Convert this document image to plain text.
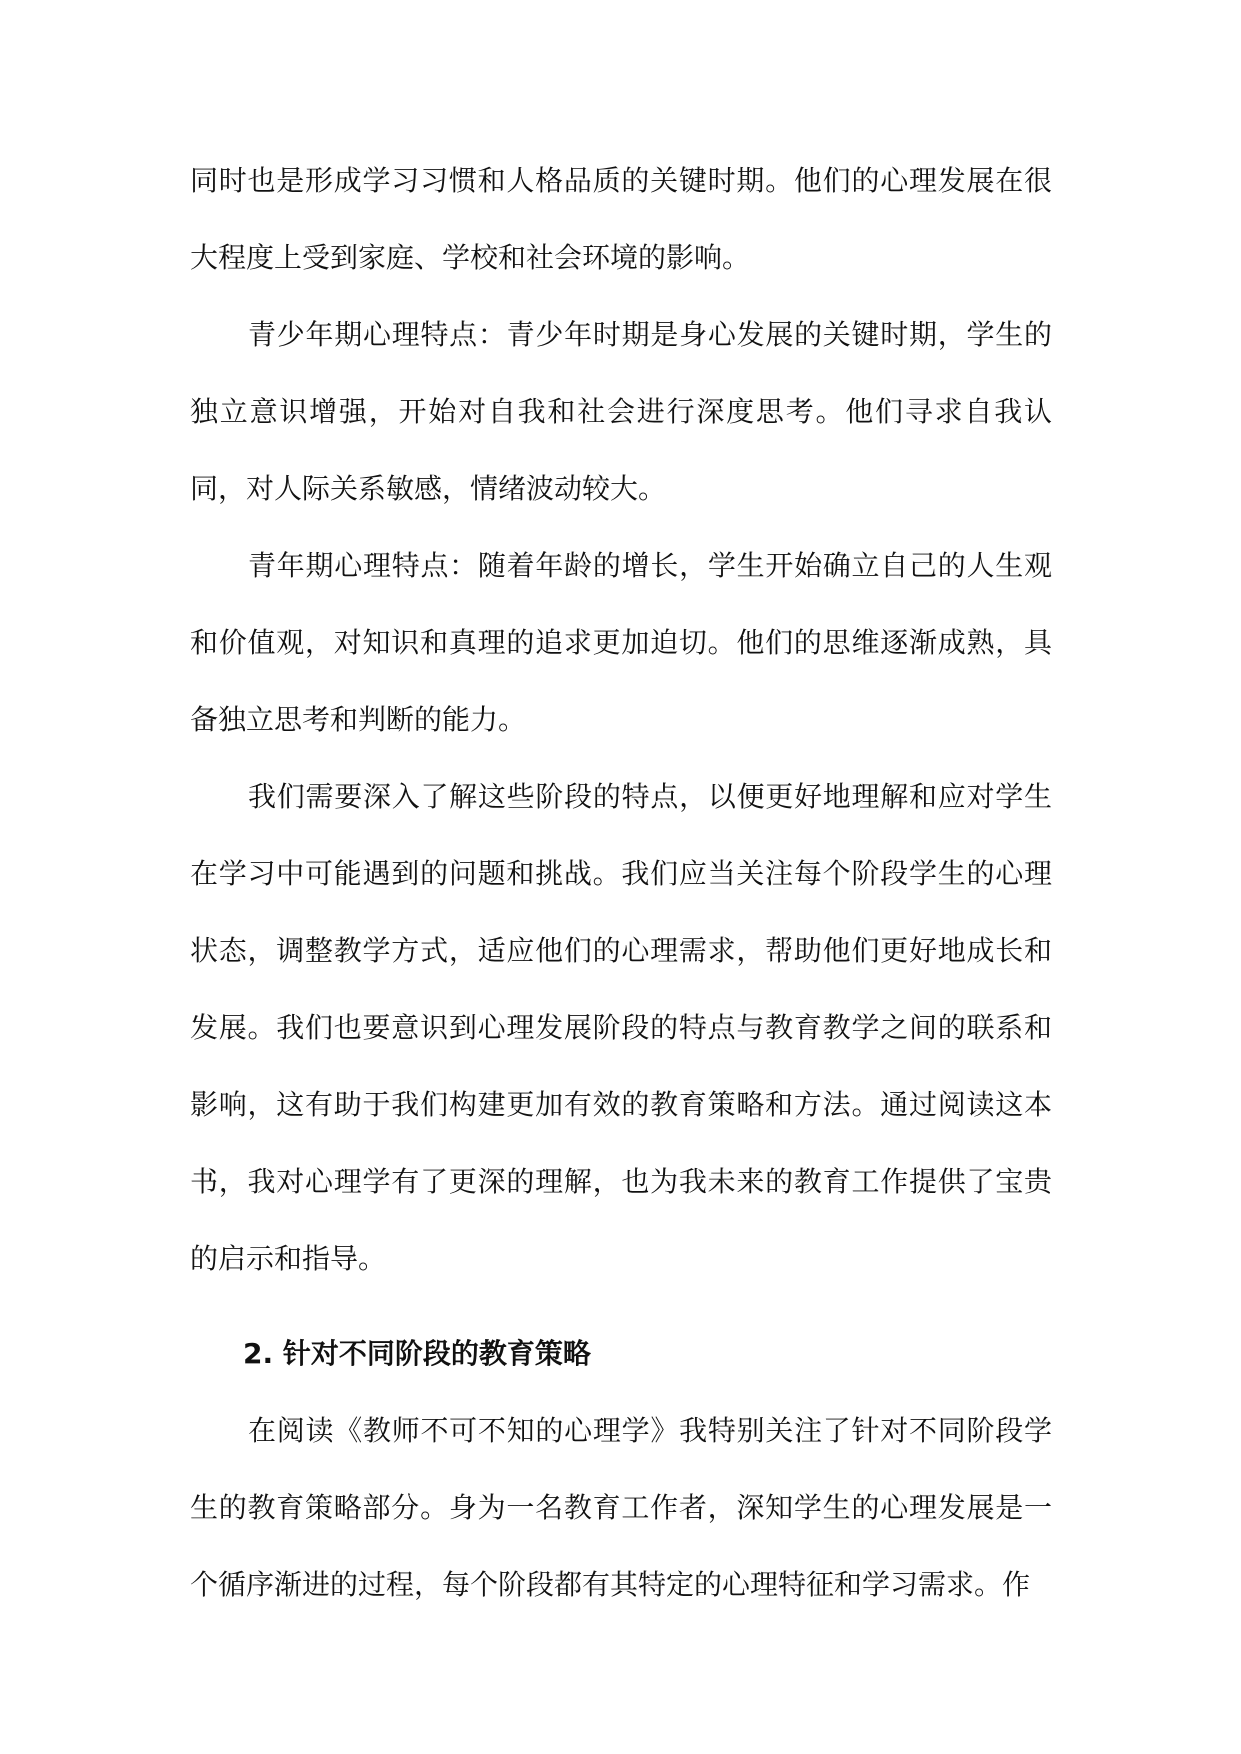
同时也是形成学习习惯和人格品质的关键时期。他们的心理发展在很大程度上受到家庭、学校和社会环境的影响。

青少年期心理特点：青少年时期是身心发展的关键时期，学生的独立意识增强，开始对自我和社会进行深度思考。他们寻求自我认同，对人际关系敏感，情绪波动较大。

青年期心理特点：随着年龄的增长，学生开始确立自己的人生观和价值观，对知识和真理的追求更加迫切。他们的思维逐渐成熟，具备独立思考和判断的能力。

我们需要深入了解这些阶段的特点，以便更好地理解和应对学生在学习中可能遇到的问题和挑战。我们应当关注每个阶段学生的心理状态，调整教学方式，适应他们的心理需求，帮助他们更好地成长和发展。我们也要意识到心理发展阶段的特点与教育教学之间的联系和影响，这有助于我们构建更加有效的教育策略和方法。通过阅读这本书，我对心理学有了更深的理解，也为我未来的教育工作提供了宝贵的启示和指导。

2. 针对不同阶段的教育策略

在阅读《教师不可不知的心理学》我特别关注了针对不同阶段学生的教育策略部分。身为一名教育工作者，深知学生的心理发展是一个循序渐进的过程，每个阶段都有其特定的心理特征和学习需求。作
